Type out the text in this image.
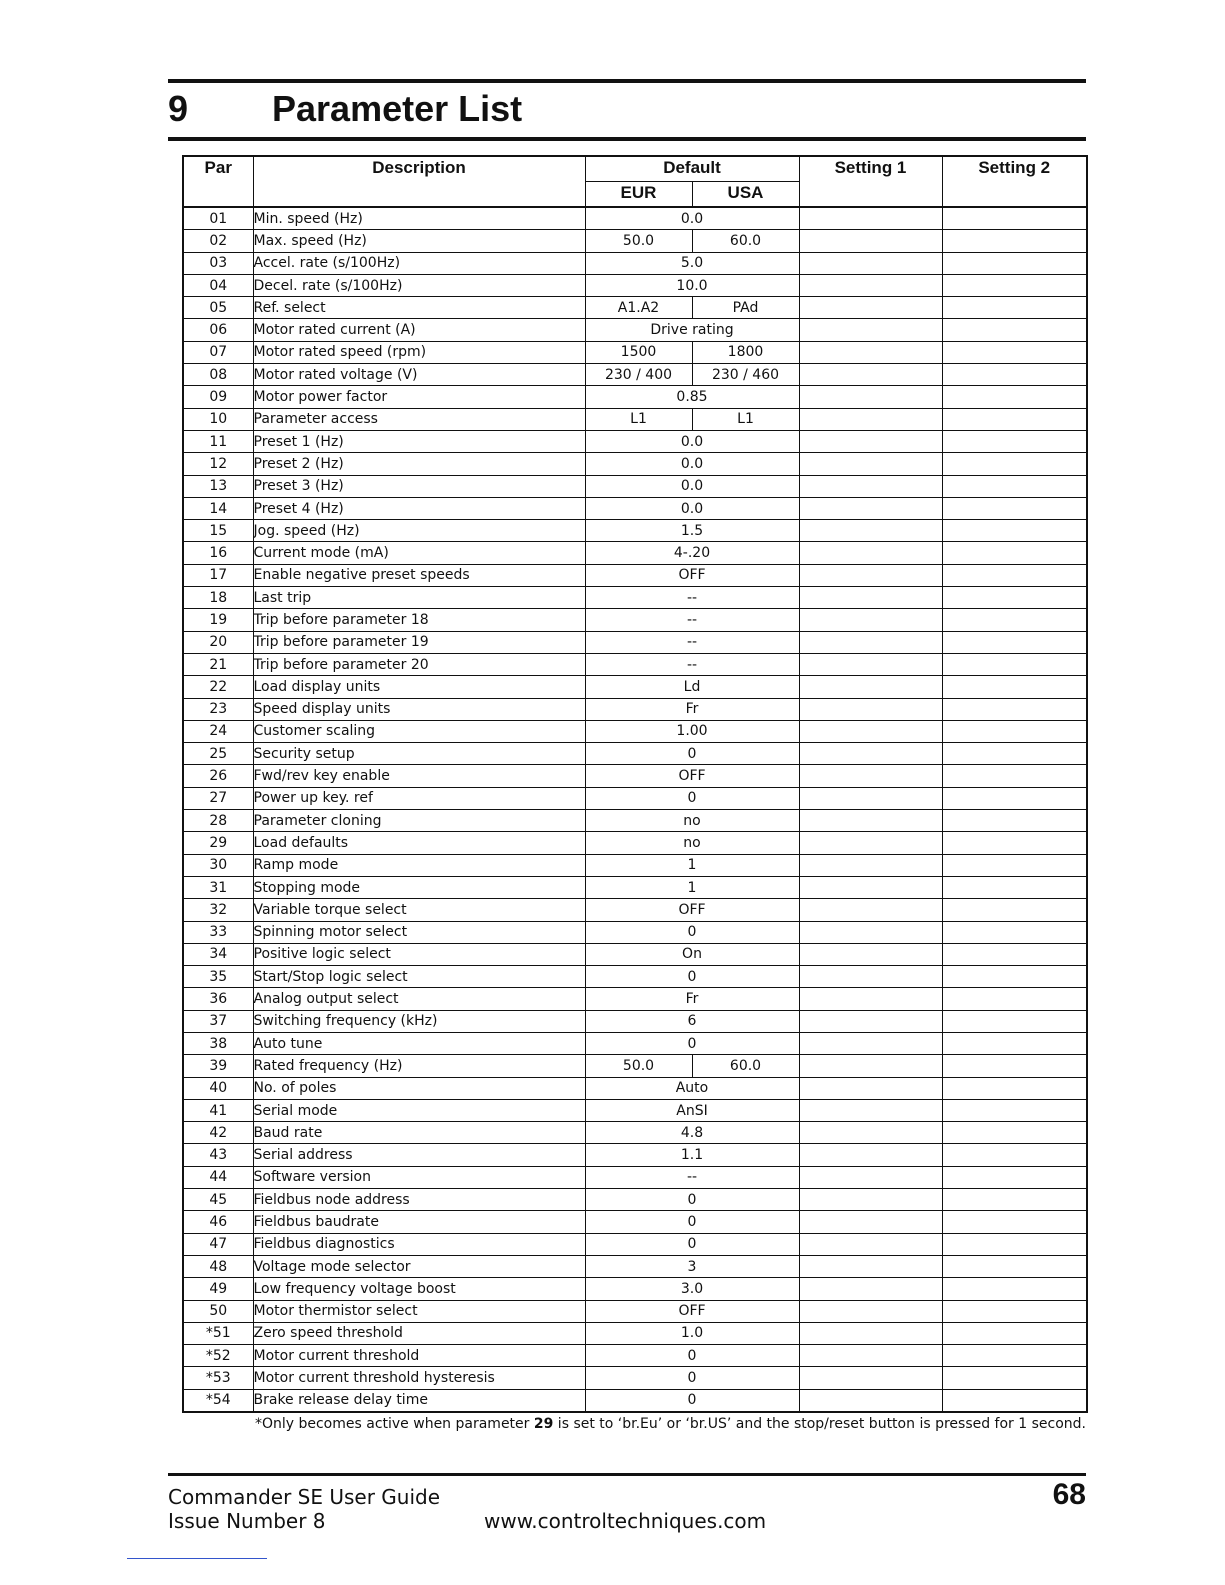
9 Parameter List
Par	Description	Default		Setting 1	Setting 2
		EUR	USA		
01	Min. speed (Hz)	0.0			
02	Max. speed (Hz)	50.0	60.0		
03	Accel. rate (s/100Hz)	5.0			
04	Decel. rate (s/100Hz)	10.0			
05	Ref. select	A1.A2	PAd		
06	Motor rated current (A)	Drive rating			
07	Motor rated speed (rpm)	1500	1800		
08	Motor rated voltage (V)	230 / 400	230 / 460		
09	Motor power factor	0.85			
10	Parameter access	L1	L1		
11	Preset 1 (Hz)	0.0			
12	Preset 2 (Hz)	0.0			
13	Preset 3 (Hz)	0.0			
14	Preset 4 (Hz)	0.0			
15	Jog. speed (Hz)	1.5			
16	Current mode (mA)	4-.20			
17	Enable negative preset speeds	OFF			
18	Last trip	--			
19	Trip before parameter 18	--			
20	Trip before parameter 19	--			
21	Trip before parameter 20	--			
22	Load display units	Ld			
23	Speed display units	Fr			
24	Customer scaling	1.00			
25	Security setup	0			
26	Fwd/rev key enable	OFF			
27	Power up key. ref	0			
28	Parameter cloning	no			
29	Load defaults	no			
30	Ramp mode	1			
31	Stopping mode	1			
32	Variable torque select	OFF			
33	Spinning motor select	0			
34	Positive logic select	On			
35	Start/Stop logic select	0			
36	Analog output select	Fr			
37	Switching frequency (kHz)	6			
38	Auto tune	0			
39	Rated frequency (Hz)	50.0	60.0		
40	No. of poles	Auto			
41	Serial mode	AnSI			
42	Baud rate	4.8			
43	Serial address	1.1			
44	Software version	--			
45	Fieldbus node address	0			
46	Fieldbus baudrate	0			
47	Fieldbus diagnostics	0			
48	Voltage mode selector	3			
49	Low frequency voltage boost	3.0			
50	Motor thermistor select	OFF			
*51	Zero speed threshold	1.0			
*52	Motor current threshold	0			
*53	Motor current threshold hysteresis	0			
*54	Brake release delay time	0			
*Only becomes active when parameter 29 is set to ‘br.Eu’ or ‘br.US’ and the stop/reset button is pressed for 1 second.
Commander SE User Guide
Issue Number 8	www.controltechniques.com
68
